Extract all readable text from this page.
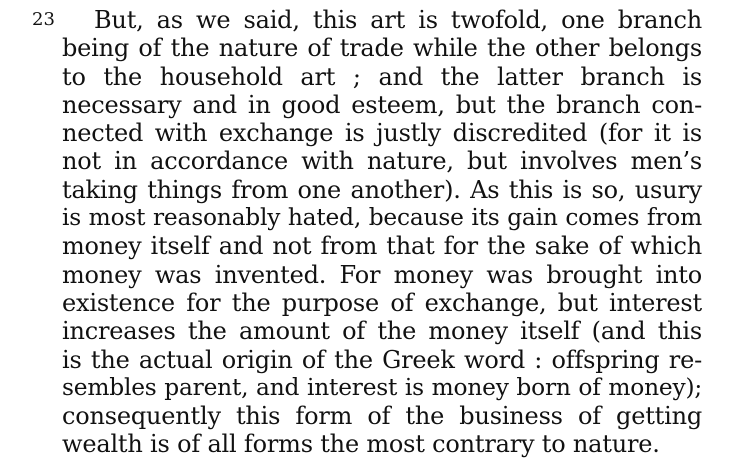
23 But, as we said, this art is twofold, one branch
being of the nature of trade while the other belongs
to the household art ; and the latter branch is
necessary and in good esteem, but the branch con-
nected with exchange is justly discredited (for it is
not in accordance with nature, but involves men’s
taking things from one another). As this is so, usury
is most reasonably hated, because its gain comes from
money itself and not from that for the sake of which
money was invented. For money was brought into
existence for the purpose of exchange, but interest
increases the amount of the money itself (and this
is the actual origin of the Greek word : offspring re-
sembles parent, and interest is money born of money);
consequently this form of the business of getting
wealth is of all forms the most contrary to nature.
